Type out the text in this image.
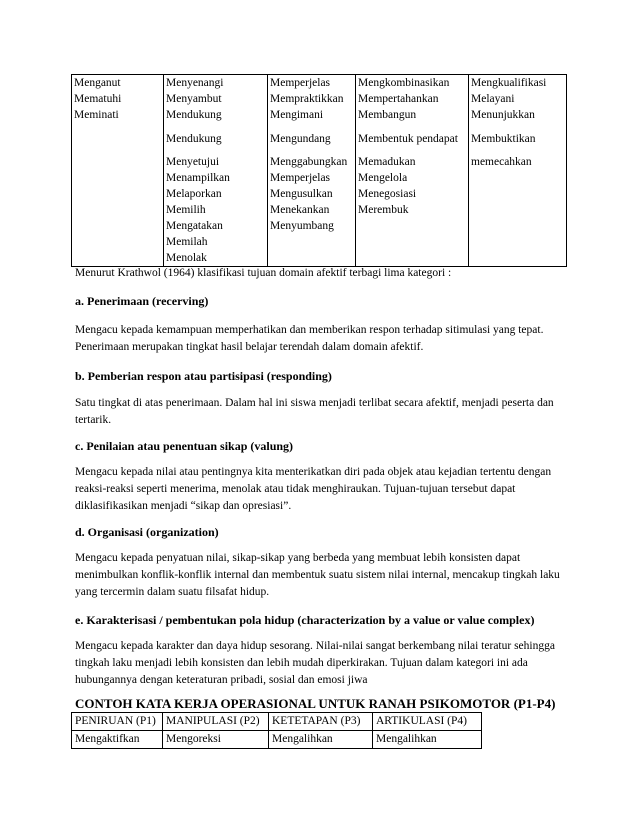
Menganut	Menyenangi	Memperjelas	Mengkombinasikan	Mengkualifikasi
Mematuhi	Menyambut	Mempraktikkan	Mempertahankan	Melayani
Meminati	Mendukung	Mengimani	Membangun	Menunjukkan
	Mendukung	Mengundang	Membentuk pendapat	Membuktikan
	Menyetujui	Menggabungkan	Memadukan	memecahkan
	Menampilkan	Memperjelas	Mengelola	
	Melaporkan	Mengusulkan	Menegosiasi	
	Memilih	Menekankan	Merembuk	
	Mengatakan	Menyumbang		
	Memilah			
	Menolak			
Menurut Krathwol (1964) klasifikasi tujuan domain afektif terbagi lima kategori :
a. Penerimaan (recerving)
Mengacu kepada kemampuan memperhatikan dan memberikan respon terhadap sitimulasi yang tepat. Penerimaan merupakan tingkat hasil belajar terendah dalam domain afektif.
b. Pemberian respon atau partisipasi (responding)
Satu tingkat di atas penerimaan. Dalam hal ini siswa menjadi terlibat secara afektif, menjadi peserta dan tertarik.
c. Penilaian atau penentuan sikap (valung)
Mengacu kepada nilai atau pentingnya kita menterikatkan diri pada objek atau kejadian tertentu dengan reaksi-reaksi seperti menerima, menolak atau tidak menghiraukan. Tujuan-tujuan tersebut dapat diklasifikasikan menjadi “sikap dan opresiasi”.
d. Organisasi (organization)
Mengacu kepada penyatuan nilai, sikap-sikap yang berbeda yang membuat lebih konsisten dapat menimbulkan konflik-konflik internal dan membentuk suatu sistem nilai internal, mencakup tingkah laku yang tercermin dalam suatu filsafat hidup.
e. Karakterisasi / pembentukan pola hidup (characterization by a value or value complex)
Mengacu kepada karakter dan daya hidup sesorang. Nilai-nilai sangat berkembang nilai teratur sehingga tingkah laku menjadi lebih konsisten dan lebih mudah diperkirakan. Tujuan dalam kategori ini ada hubungannya dengan keteraturan pribadi, sosial dan emosi jiwa
CONTOH KATA KERJA OPERASIONAL UNTUK RANAH PSIKOMOTOR (P1-P4)
PENIRUAN (P1)	MANIPULASI (P2)	KETETAPAN (P3)	ARTIKULASI (P4)
Mengaktifkan	Mengoreksi	Mengalihkan	Mengalihkan
